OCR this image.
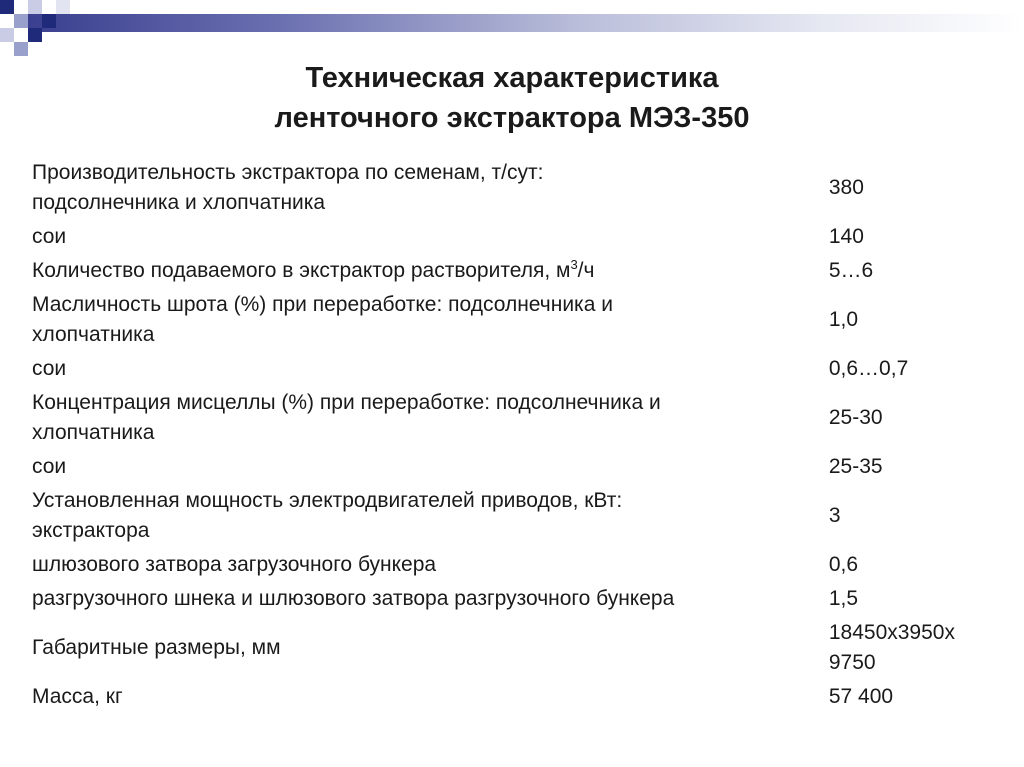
Техническая характеристика
ленточного экстрактора МЭЗ-350
Производительность экстрактора по семенам, т/сут:
подсолнечника и хлопчатника	380
сои	140
Количество подаваемого в экстрактор растворителя, $м^3/ч$	5…6
Масличность шрота (%) при переработке: подсолнечника и
хлопчатника	1,0
сои	0,6…0,7
Концентрация мисцеллы (%) при переработке: подсолнечника и
хлопчатника	25-30
сои	25-35
Установленная мощность электродвигателей приводов, кВт:
экстрактора	3
шлюзового затвора загрузочного бункера	0,6
разгрузочного шнека и шлюзового затвора разгрузочного бункера	1,5
Габаритные размеры, мм	18450х3950х
9750
Масса, кг	57 400
